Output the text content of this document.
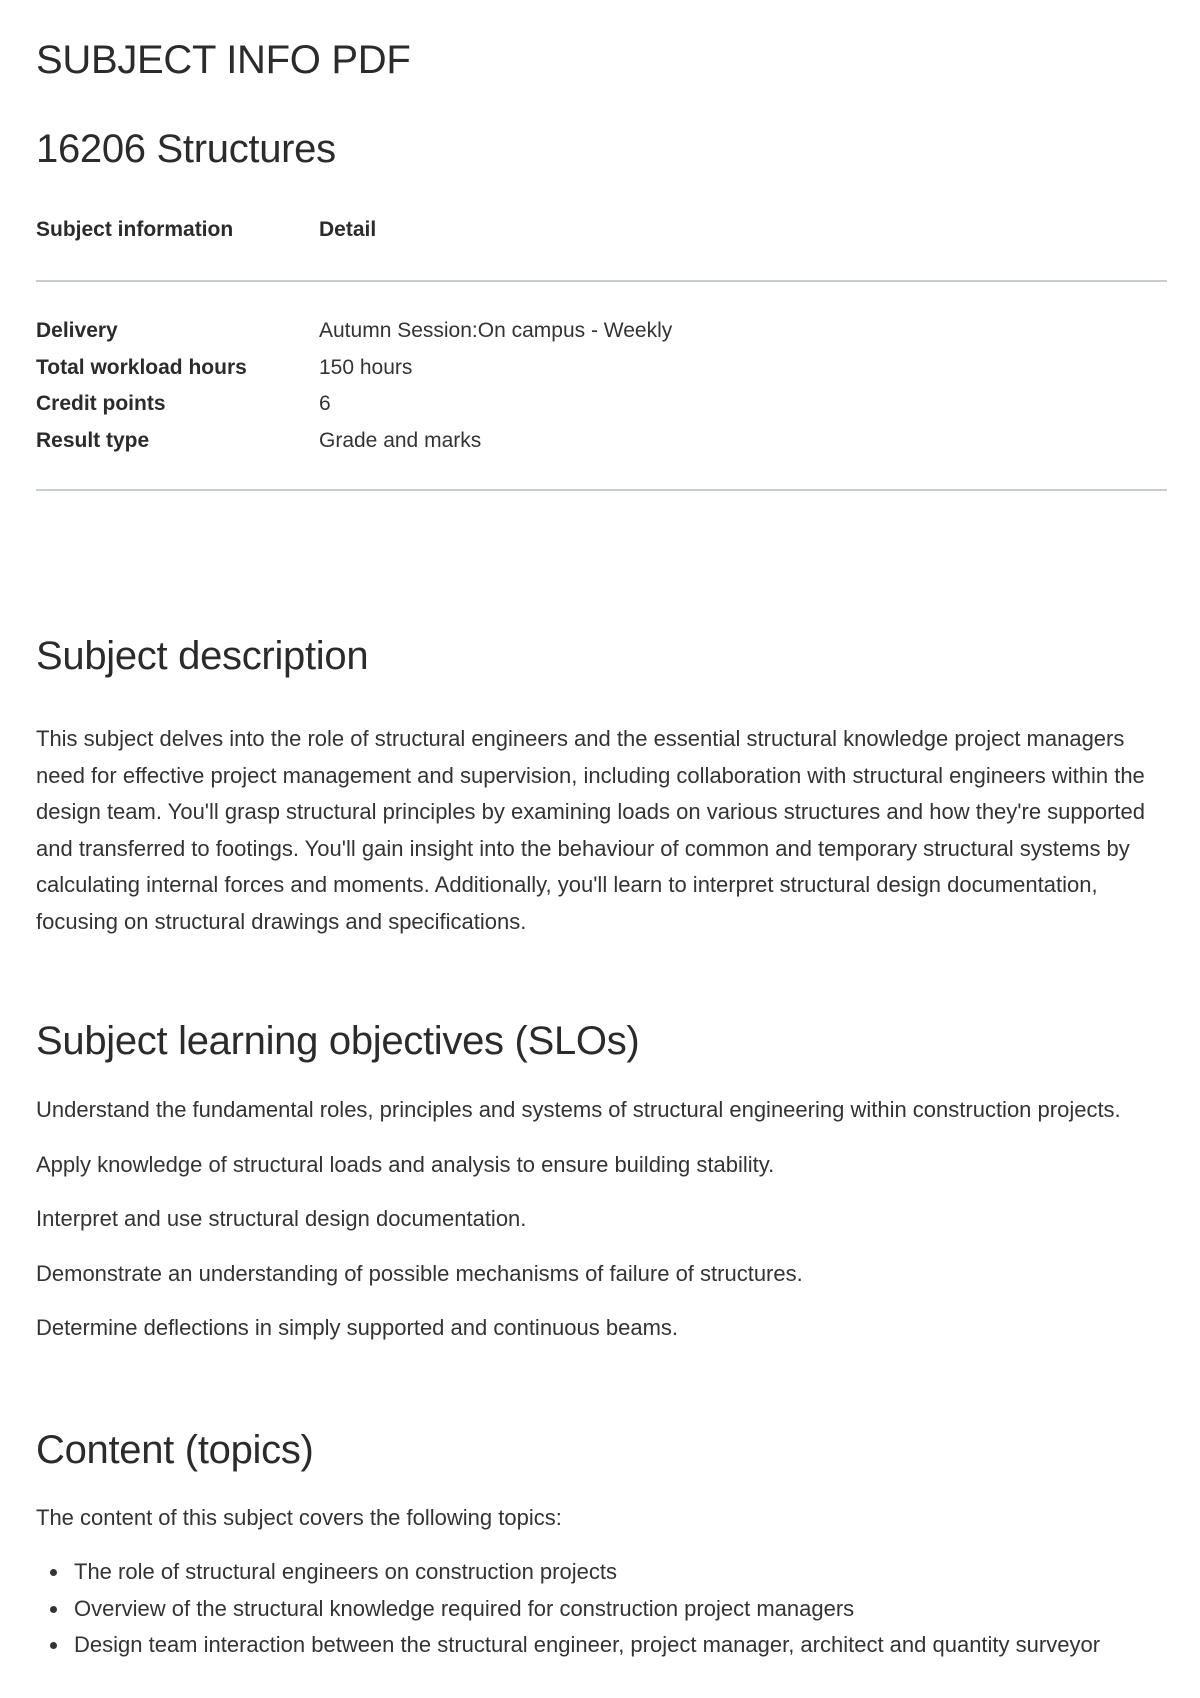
SUBJECT INFO PDF
16206 Structures
Subject information	Detail
Delivery	Autumn Session:On campus - Weekly
Total workload hours	150 hours
Credit points	6
Result type	Grade and marks
Subject description

This subject delves into the role of structural engineers and the essential structural knowledge project managers need for effective project management and supervision, including collaboration with structural engineers within the design team. You'll grasp structural principles by examining loads on various structures and how they're supported and transferred to footings. You'll gain insight into the behaviour of common and temporary structural systems by calculating internal forces and moments. Additionally, you'll learn to interpret structural design documentation, focusing on structural drawings and specifications.

Subject learning objectives (SLOs)
Understand the fundamental roles, principles and systems of structural engineering within construction projects.
Apply knowledge of structural loads and analysis to ensure building stability.
Interpret and use structural design documentation.
Demonstrate an understanding of possible mechanisms of failure of structures.
Determine deflections in simply supported and continuous beams.
Content (topics)

The content of this subject covers the following topics:

The role of structural engineers on construction projects
Overview of the structural knowledge required for construction project managers
Design team interaction between the structural engineer, project manager, architect and quantity surveyor
